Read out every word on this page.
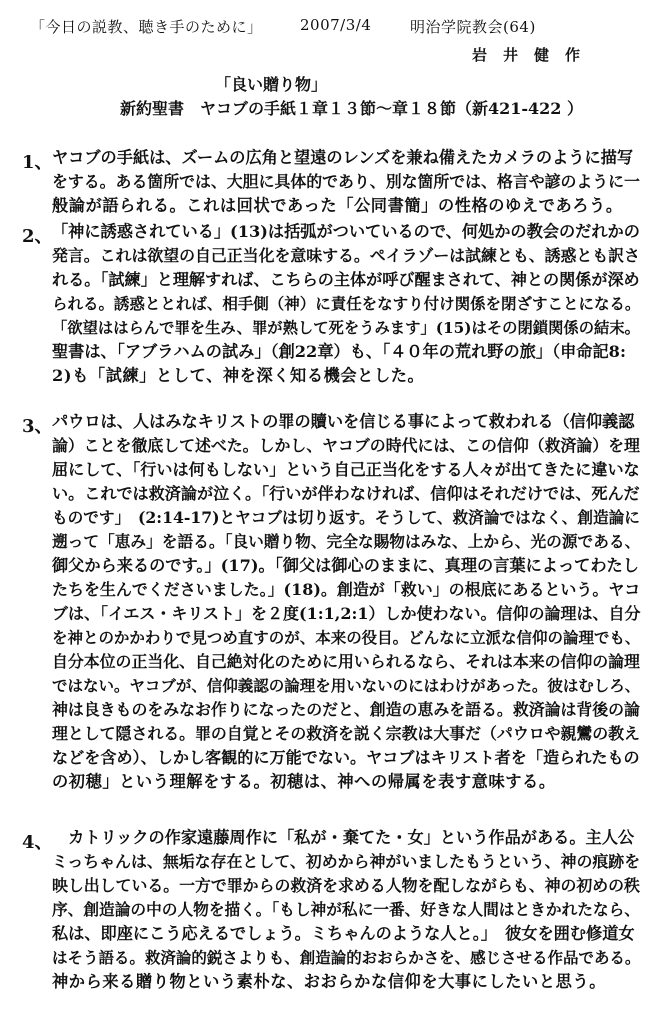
「今日の説教、聴き手のために」 2007/3/4	明治学院教会(64)
岩　井　健　作
「良い贈り物」
新約聖書　ヤコブの手紙１章１３節～章１８節（新421-422 ）
1、 ヤコブの手紙は、ズームの広角と望遠のレンズを兼ね備えたカメラのように描写
をする。ある箇所では、大胆に具体的であり、別な箇所では、格言や諺のように一
般論が語られる。これは回状であった「公同書簡」の性格のゆえであろう。
2、 「神に誘惑されている」(13)は括弧がついているので、何処かの教会のだれかの
発言。これは欲望の自己正当化を意味する。ペイラゾーは試練とも、誘惑とも訳さ
れる。「試練」と理解すれば、こちらの主体が呼び醒まされて、神との関係が深め
られる。誘惑ととれば、相手側（神）に責任をなすり付け関係を閉ざすことになる。
「欲望ははらんで罪を生み、罪が熟して死をうみます」(15)はその閉鎖関係の結末。
聖書は、「アブラハムの試み」（創22章）も、「４０年の荒れ野の旅」（申命記8:
2)も「試練」として、神を深く知る機会とした。
3、 パウロは、人はみなキリストの罪の贖いを信じる事によって救われる（信仰義認
論）ことを徹底して述べた。しかし、ヤコブの時代には、この信仰（救済論）を理
屈にして、「行いは何もしない」という自己正当化をする人々が出てきたに違いな
い。これでは救済論が泣く。「行いが伴わなければ、信仰はそれだけでは、死んだ
ものです」　(2:14-17)とヤコブは切り返す。そうして、救済論ではなく、創造論に
遡って「恵み」を語る。「良い贈り物、完全な賜物はみな、上から、光の源である、
御父から来るのです。」(17)。「御父は御心のままに、真理の言葉によってわたし
たちを生んでくださいました。」(18)。創造が「救い」の根底にあるという。ヤコ
ブは、「イエス・キリスト」を２度(1:1,2:1）しか使わない。信仰の論理は、自分
を神とのかかわりで見つめ直すのが、本来の役目。どんなに立派な信仰の論理でも、
自分本位の正当化、自己絶対化のために用いられるなら、それは本来の信仰の論理
ではない。ヤコブが、信仰義認の論理を用いないのにはわけがあった。彼はむしろ、
神は良きものをみなお作りになったのだと、創造の恵みを語る。救済論は背後の論
理として隠される。罪の自覚とその救済を説く宗教は大事だ（パウロや親鸞の教え
などを含め）、しかし客観的に万能でない。ヤコブはキリスト者を「造られたもの
の初穂」という理解をする。初穂は、神への帰属を表す意味する。
4、 　カトリックの作家遠藤周作に「私が・棄てた・女」という作品がある。主人公
ミっちゃんは、無垢な存在として、初めから神がいましたもうという、神の痕跡を
映し出している。一方で罪からの救済を求める人物を配しながらも、神の初めの秩
序、創造論の中の人物を描く。「もし神が私に一番、好きな人間はときかれたなら、
私は、即座にこう応えるでしょう。ミちゃんのような人と。」　彼女を囲む修道女
はそう語る。救済論的鋭さよりも、創造論的おおらかさを、感じさせる作品である。
神から来る贈り物という素朴な、おおらかな信仰を大事にしたいと思う。
